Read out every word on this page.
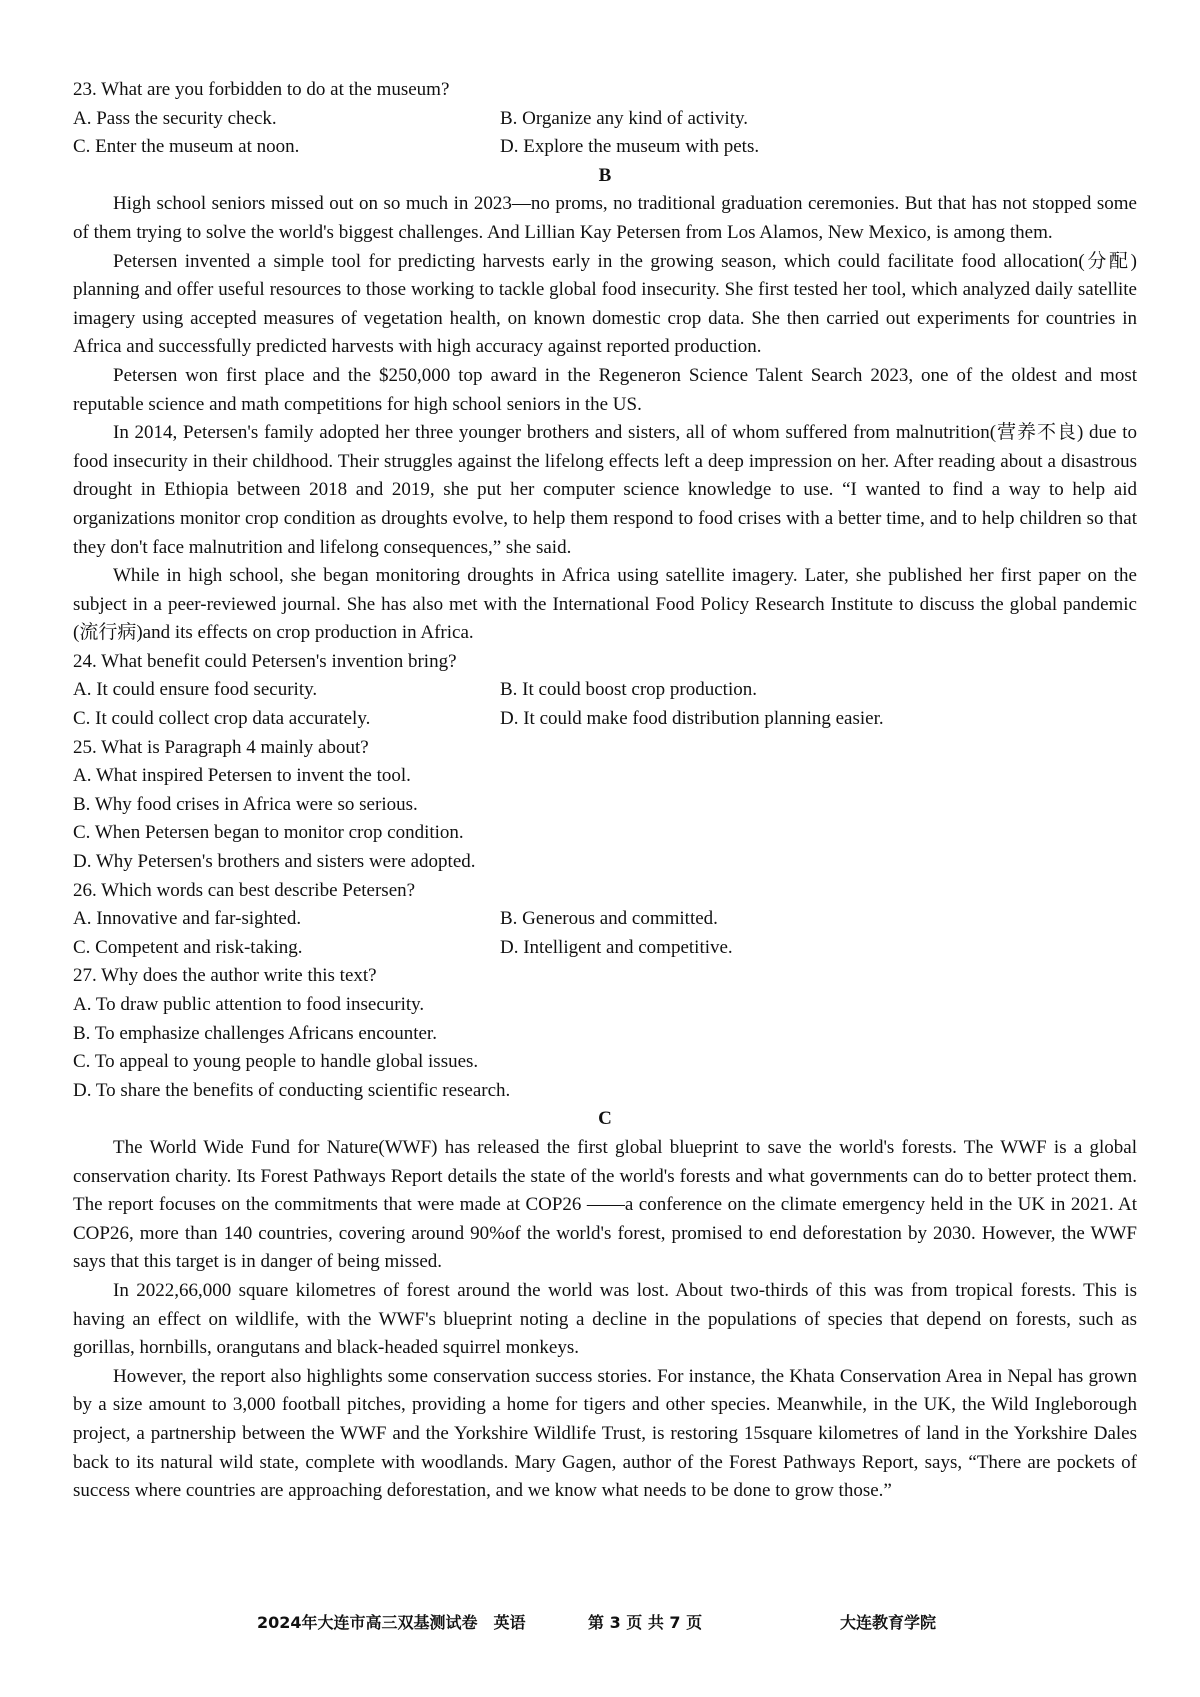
23. What are you forbidden to do at the museum?

A. Pass the security check.	B. Organize any kind of activity.
C. Enter the museum at noon.	D. Explore the museum with pets.

B

High school seniors missed out on so much in 2023—no proms, no traditional graduation ceremonies. But that has not stopped some of them trying to solve the world's biggest challenges. And Lillian Kay Petersen from Los Alamos, New Mexico, is among them.

Petersen invented a simple tool for predicting harvests early in the growing season, which could facilitate food allocation(分配) planning and offer useful resources to those working to tackle global food insecurity. She first tested her tool, which analyzed daily satellite imagery using accepted measures of vegetation health, on known domestic crop data. She then carried out experiments for countries in Africa and successfully predicted harvests with high accuracy against reported production.

Petersen won first place and the $250,000 top award in the Regeneron Science Talent Search 2023, one of the oldest and most reputable science and math competitions for high school seniors in the US.

In 2014, Petersen's family adopted her three younger brothers and sisters, all of whom suffered from malnutrition(营养不良) due to food insecurity in their childhood. Their struggles against the lifelong effects left a deep impression on her. After reading about a disastrous drought in Ethiopia between 2018 and 2019, she put her computer science knowledge to use. “I wanted to find a way to help aid organizations monitor crop condition as droughts evolve, to help them respond to food crises with a better time, and to help children so that they don't face malnutrition and lifelong consequences,” she said.

While in high school, she began monitoring droughts in Africa using satellite imagery. Later, she published her first paper on the subject in a peer-reviewed journal. She has also met with the International Food Policy Research Institute to discuss the global pandemic (流行病)and its effects on crop production in Africa.

24. What benefit could Petersen's invention bring?

A. It could ensure food security.	B. It could boost crop production.
C. It could collect crop data accurately.	D. It could make food distribution planning easier.

25. What is Paragraph 4 mainly about?

A. What inspired Petersen to invent the tool.

B. Why food crises in Africa were so serious.

C. When Petersen began to monitor crop condition.

D. Why Petersen's brothers and sisters were adopted.

26. Which words can best describe Petersen?

A. Innovative and far-sighted.	B. Generous and committed.
C. Competent and risk-taking.	D. Intelligent and competitive.

27. Why does the author write this text?

A. To draw public attention to food insecurity.

B. To emphasize challenges Africans encounter.

C. To appeal to young people to handle global issues.

D. To share the benefits of conducting scientific research.

C

The World Wide Fund for Nature(WWF) has released the first global blueprint to save the world's forests. The WWF is a global conservation charity. Its Forest Pathways Report details the state of the world's forests and what governments can do to better protect them. The report focuses on the commitments that were made at COP26 ——a conference on the climate emergency held in the UK in 2021. At COP26, more than 140 countries, covering around 90%of the world's forest, promised to end deforestation by 2030. However, the WWF says that this target is in danger of being missed.

In 2022,66,000 square kilometres of forest around the world was lost. About two-thirds of this was from tropical forests. This is having an effect on wildlife, with the WWF's blueprint noting a decline in the populations of species that depend on forests, such as gorillas, hornbills, orangutans and black-headed squirrel monkeys.

However, the report also highlights some conservation success stories. For instance, the Khata Conservation Area in Nepal has grown by a size amount to 3,000 football pitches, providing a home for tigers and other species. Meanwhile, in the UK, the Wild Ingleborough project, a partnership between the WWF and the Yorkshire Wildlife Trust, is restoring 15square kilometres of land in the Yorkshire Dales back to its natural wild state, complete with woodlands. Mary Gagen, author of the Forest Pathways Report, says, “There are pockets of success where countries are approaching deforestation, and we know what needs to be done to grow those.”

2024年大连市高三双基测试卷　英语	第 3 页 共 7 页	大连教育学院
